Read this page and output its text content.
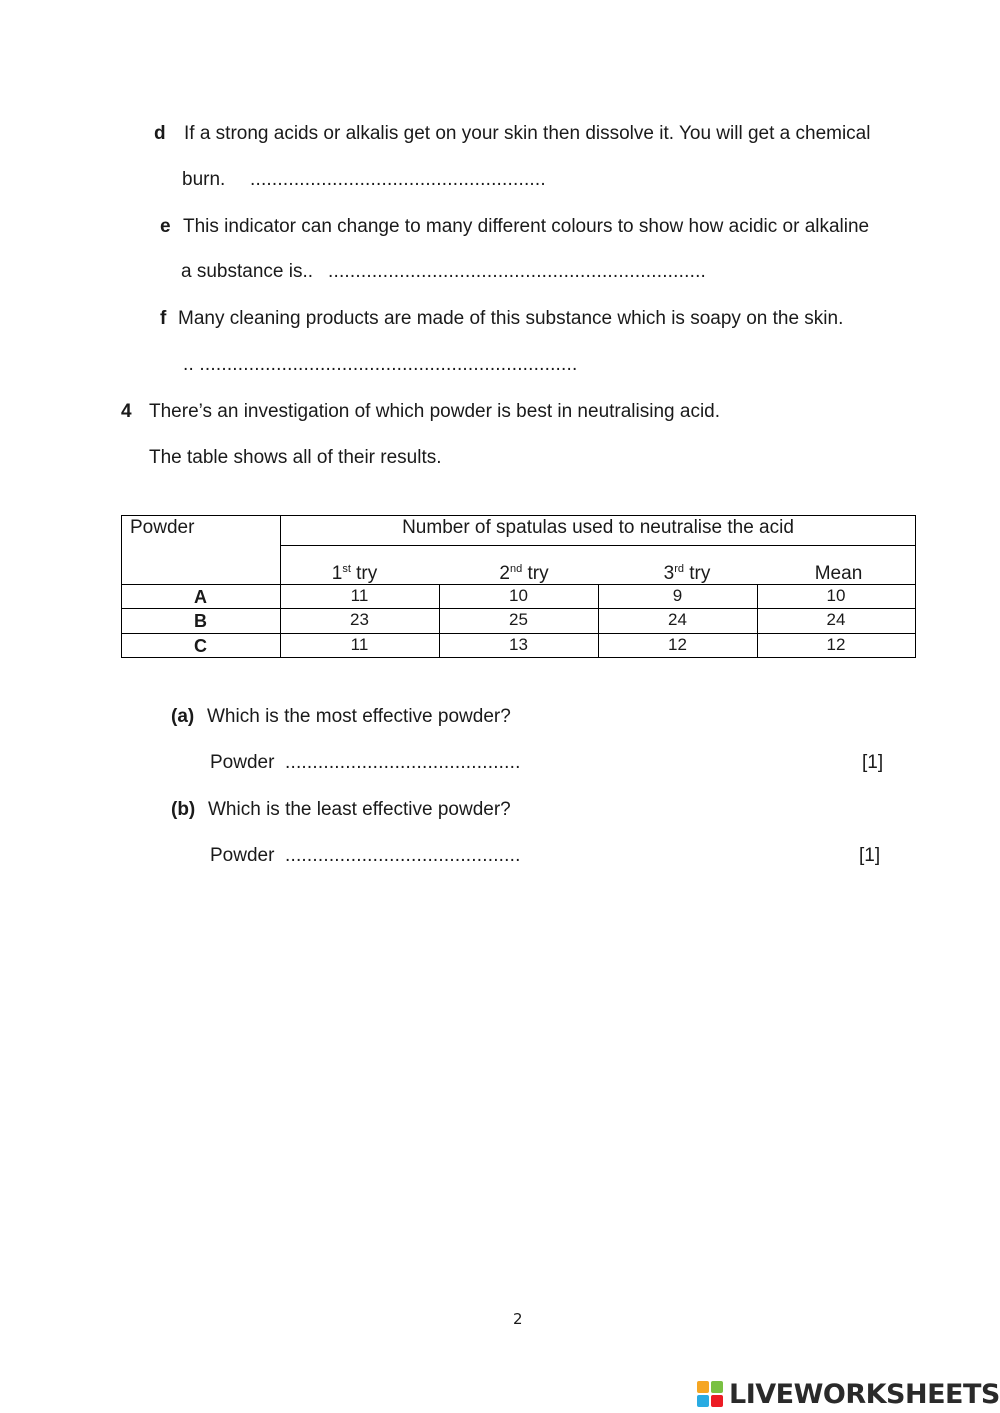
d If a strong acids or alkalis get on your skin then dissolve it. You will get a chemical
burn. ......................................................
e This indicator can change to many different colours to show how acidic or alkaline
a substance is.. .....................................................................
f Many cleaning products are made of this substance which is soapy on the skin.
.. .....................................................................
4 There’s an investigation of which powder is best in neutralising acid.
The table shows all of their results.
Powder	Number of spatulas used to neutralise the acid
1st try	2nd try	3rd try	Mean
A	11	10	9	10
B	23	25	24	24
C	11	13	12	12
(a) Which is the most effective powder?
Powder ...........................................	[1]
(b) Which is the least effective powder?
Powder ...........................................	[1]
2
LIVEWORKSHEETS
